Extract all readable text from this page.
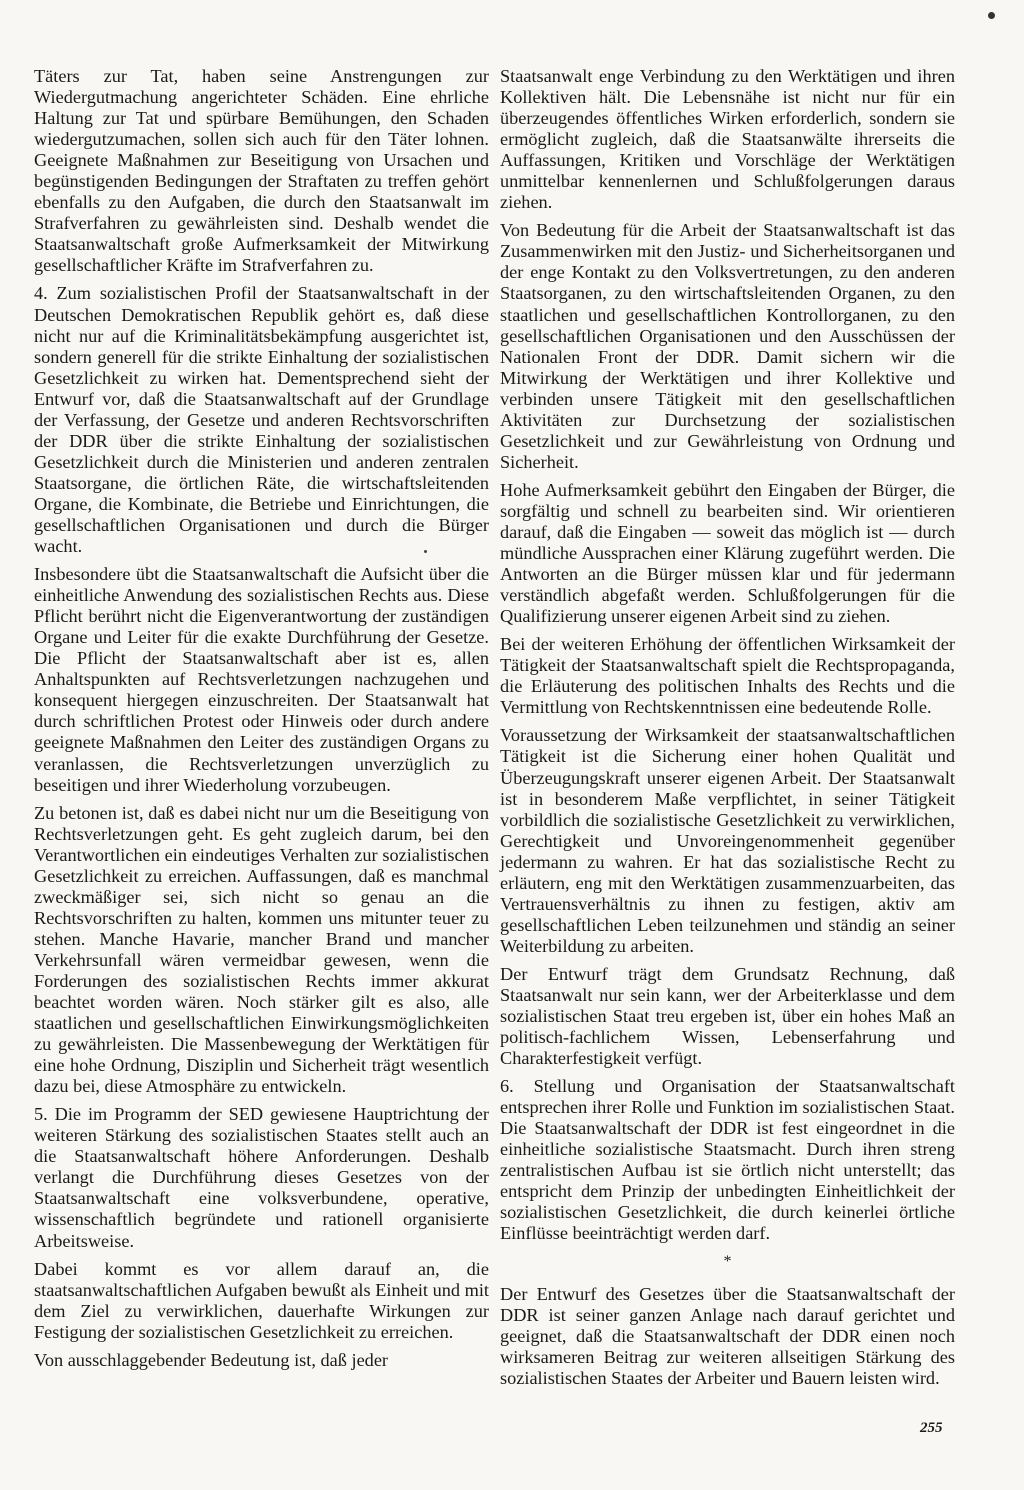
Täters zur Tat, haben seine Anstrengungen zur Wiedergutmachung angerichteter Schäden. Eine ehrliche Haltung zur Tat und spürbare Bemühungen, den Schaden wiedergutzumachen, sollen sich auch für den Täter lohnen. Geeignete Maßnahmen zur Beseitigung von Ursachen und begünstigenden Bedingungen der Straftaten zu treffen gehört ebenfalls zu den Aufgaben, die durch den Staatsanwalt im Strafverfahren zu gewährleisten sind. Deshalb wendet die Staatsanwaltschaft große Aufmerksamkeit der Mitwirkung gesellschaftlicher Kräfte im Strafverfahren zu.

4. Zum sozialistischen Profil der Staatsanwaltschaft in der Deutschen Demokratischen Republik gehört es, daß diese nicht nur auf die Kriminalitätsbekämpfung ausgerichtet ist, sondern generell für die strikte Einhaltung der sozialistischen Gesetzlichkeit zu wirken hat. Dementsprechend sieht der Entwurf vor, daß die Staatsanwaltschaft auf der Grundlage der Verfassung, der Gesetze und anderen Rechtsvorschriften der DDR über die strikte Einhaltung der sozialistischen Gesetzlichkeit durch die Ministerien und anderen zentralen Staatsorgane, die örtlichen Räte, die wirtschaftsleitenden Organe, die Kombinate, die Betriebe und Einrichtungen, die gesellschaftlichen Organisationen und durch die Bürger wacht.

Insbesondere übt die Staatsanwaltschaft die Aufsicht über die einheitliche Anwendung des sozialistischen Rechts aus. Diese Pflicht berührt nicht die Eigenverantwortung der zuständigen Organe und Leiter für die exakte Durchführung der Gesetze. Die Pflicht der Staatsanwaltschaft aber ist es, allen Anhaltspunkten auf Rechtsverletzungen nachzugehen und konsequent hiergegen einzuschreiten. Der Staatsanwalt hat durch schriftlichen Protest oder Hinweis oder durch andere geeignete Maßnahmen den Leiter des zuständigen Organs zu veranlassen, die Rechtsverletzungen unverzüglich zu beseitigen und ihrer Wiederholung vorzubeugen.

Zu betonen ist, daß es dabei nicht nur um die Beseitigung von Rechtsverletzungen geht. Es geht zugleich darum, bei den Verantwortlichen ein eindeutiges Verhalten zur sozialistischen Gesetzlichkeit zu erreichen. Auffassungen, daß es manchmal zweckmäßiger sei, sich nicht so genau an die Rechtsvorschriften zu halten, kommen uns mitunter teuer zu stehen. Manche Havarie, mancher Brand und mancher Verkehrsunfall wären vermeidbar gewesen, wenn die Forderungen des sozialistischen Rechts immer akkurat beachtet worden wären. Noch stärker gilt es also, alle staatlichen und gesellschaftlichen Einwirkungsmöglichkeiten zu gewährleisten. Die Massenbewegung der Werktätigen für eine hohe Ordnung, Disziplin und Sicherheit trägt wesentlich dazu bei, diese Atmosphäre zu entwickeln.

5. Die im Programm der SED gewiesene Hauptrichtung der weiteren Stärkung des sozialistischen Staates stellt auch an die Staatsanwaltschaft höhere Anforderungen. Deshalb verlangt die Durchführung dieses Gesetzes von der Staatsanwaltschaft eine volksverbundene, operative, wissenschaftlich begründete und rationell organisierte Arbeitsweise.

Dabei kommt es vor allem darauf an, die staatsanwaltschaftlichen Aufgaben bewußt als Einheit und mit dem Ziel zu verwirklichen, dauerhafte Wirkungen zur Festigung der sozialistischen Gesetzlichkeit zu erreichen.

Von ausschlaggebender Bedeutung ist, daß jeder

Staatsanwalt enge Verbindung zu den Werktätigen und ihren Kollektiven hält. Die Lebensnähe ist nicht nur für ein überzeugendes öffentliches Wirken erforderlich, sondern sie ermöglicht zugleich, daß die Staatsanwälte ihrerseits die Auffassungen, Kritiken und Vorschläge der Werktätigen unmittelbar kennenlernen und Schlußfolgerungen daraus ziehen.

Von Bedeutung für die Arbeit der Staatsanwaltschaft ist das Zusammenwirken mit den Justiz- und Sicherheitsorganen und der enge Kontakt zu den Volksvertretungen, zu den anderen Staatsorganen, zu den wirtschaftsleitenden Organen, zu den staatlichen und gesellschaftlichen Kontrollorganen, zu den gesellschaftlichen Organisationen und den Ausschüssen der Nationalen Front der DDR. Damit sichern wir die Mitwirkung der Werktätigen und ihrer Kollektive und verbinden unsere Tätigkeit mit den gesellschaftlichen Aktivitäten zur Durchsetzung der sozialistischen Gesetzlichkeit und zur Gewährleistung von Ordnung und Sicherheit.

Hohe Aufmerksamkeit gebührt den Eingaben der Bürger, die sorgfältig und schnell zu bearbeiten sind. Wir orientieren darauf, daß die Eingaben — soweit das möglich ist — durch mündliche Aussprachen einer Klärung zugeführt werden. Die Antworten an die Bürger müssen klar und für jedermann verständlich abgefaßt werden. Schlußfolgerungen für die Qualifizierung unserer eigenen Arbeit sind zu ziehen.

Bei der weiteren Erhöhung der öffentlichen Wirksamkeit der Tätigkeit der Staatsanwaltschaft spielt die Rechtspropaganda, die Erläuterung des politischen Inhalts des Rechts und die Vermittlung von Rechtskenntnissen eine bedeutende Rolle.

Voraussetzung der Wirksamkeit der staatsanwaltschaftlichen Tätigkeit ist die Sicherung einer hohen Qualität und Überzeugungskraft unserer eigenen Arbeit. Der Staatsanwalt ist in besonderem Maße verpflichtet, in seiner Tätigkeit vorbildlich die sozialistische Gesetzlichkeit zu verwirklichen, Gerechtigkeit und Unvoreingenommenheit gegenüber jedermann zu wahren. Er hat das sozialistische Recht zu erläutern, eng mit den Werktätigen zusammenzuarbeiten, das Vertrauensverhältnis zu ihnen zu festigen, aktiv am gesellschaftlichen Leben teilzunehmen und ständig an seiner Weiterbildung zu arbeiten.

Der Entwurf trägt dem Grundsatz Rechnung, daß Staatsanwalt nur sein kann, wer der Arbeiterklasse und dem sozialistischen Staat treu ergeben ist, über ein hohes Maß an politisch-fachlichem Wissen, Lebenserfahrung und Charakterfestigkeit verfügt.

6. Stellung und Organisation der Staatsanwaltschaft entsprechen ihrer Rolle und Funktion im sozialistischen Staat. Die Staatsanwaltschaft der DDR ist fest eingeordnet in die einheitliche sozialistische Staatsmacht. Durch ihren streng zentralistischen Aufbau ist sie örtlich nicht unterstellt; das entspricht dem Prinzip der unbedingten Einheitlichkeit der sozialistischen Gesetzlichkeit, die durch keinerlei örtliche Einflüsse beeinträchtigt werden darf.

*

Der Entwurf des Gesetzes über die Staatsanwaltschaft der DDR ist seiner ganzen Anlage nach darauf gerichtet und geeignet, daß die Staatsanwaltschaft der DDR einen noch wirksameren Beitrag zur weiteren allseitigen Stärkung des sozialistischen Staates der Arbeiter und Bauern leisten wird.

255
